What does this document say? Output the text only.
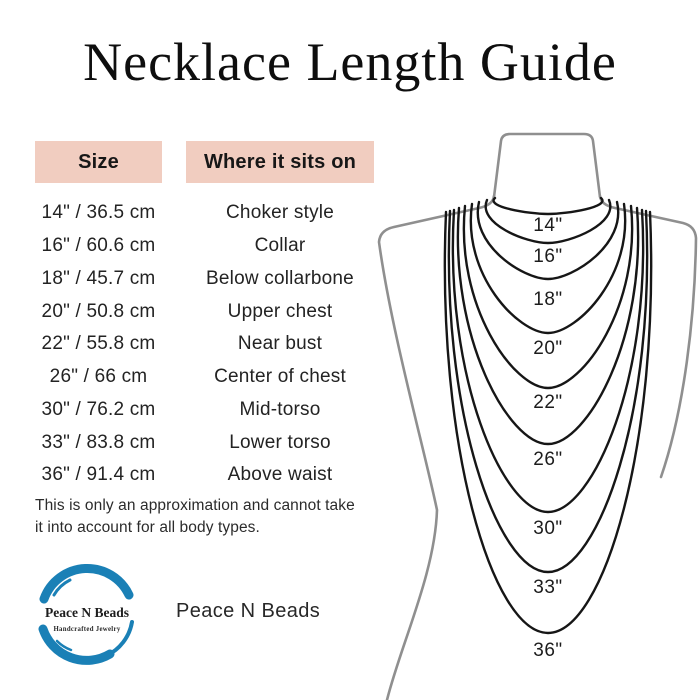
Necklace Length Guide
Size	Where it sits on
14" / 36.5 cm	Choker style
16" / 60.6 cm	Collar
18" / 45.7 cm	Below collarbone
20" / 50.8 cm	Upper chest
22" / 55.8 cm	Near bust
26" / 66 cm	Center of chest
30" / 76.2 cm	Mid-torso
33" / 83.8 cm	Lower torso
36" / 91.4 cm	Above waist
This is only an approximation and cannot take
it into account for all body types.
Peace N Beads
Handcrafted Jewelry
Peace N Beads
14"
16"
18"
20"
22"
26"
30"
33"
36"
